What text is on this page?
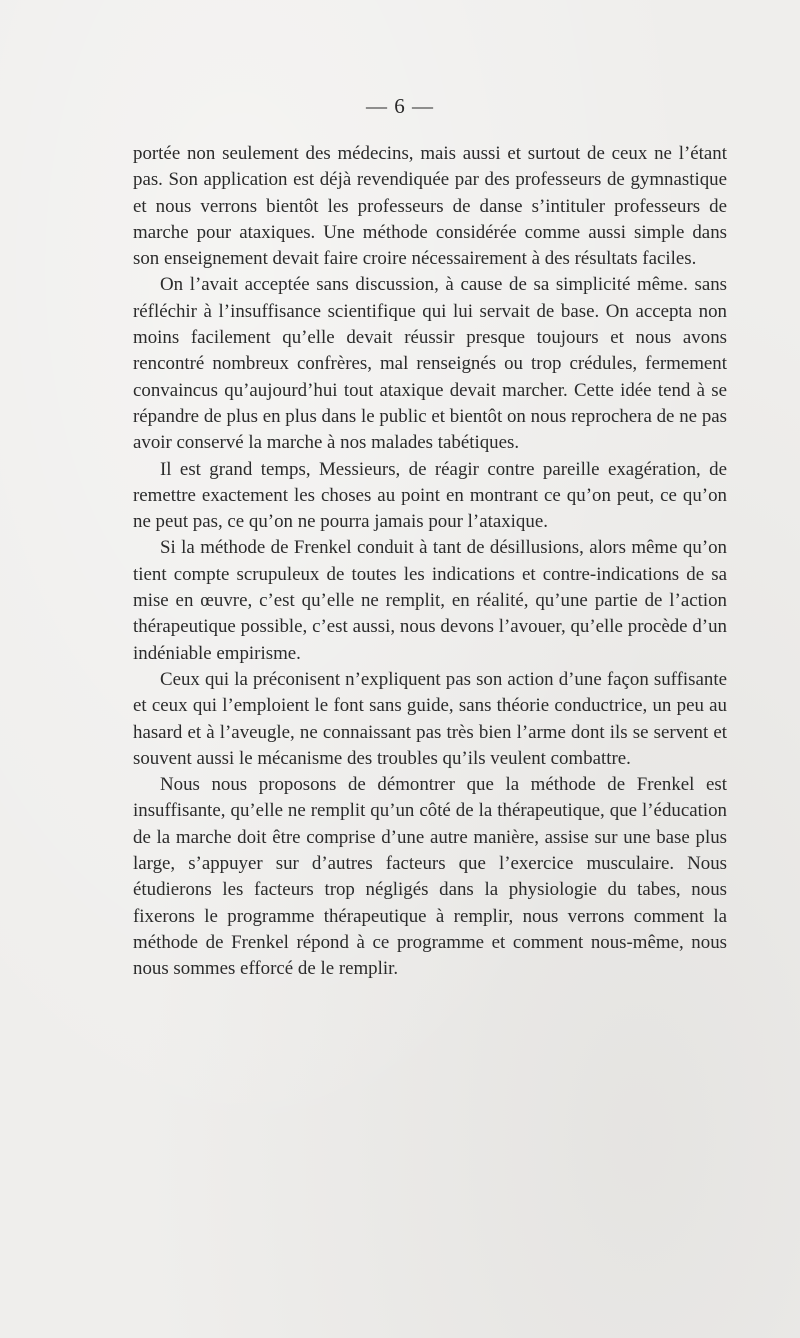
— 6 —

portée non seulement des médecins, mais aussi et surtout de ceux ne l’étant pas. Son application est déjà revendiquée par des professeurs de gymnastique et nous verrons bientôt les professeurs de danse s’intituler professeurs de marche pour ataxiques. Une méthode considérée comme aussi simple dans son enseignement devait faire croire nécessairement à des résultats faciles.

On l’avait acceptée sans discussion, à cause de sa simplicité même. sans réfléchir à l’insuffisance scientifique qui lui servait de base. On accepta non moins facilement qu’elle devait réussir presque toujours et nous avons rencontré nombreux confrères, mal renseignés ou trop crédules, fermement convaincus qu’aujourd’hui tout ataxique devait marcher. Cette idée tend à se répandre de plus en plus dans le public et bientôt on nous reprochera de ne pas avoir conservé la marche à nos malades tabétiques.

Il est grand temps, Messieurs, de réagir contre pareille exagération, de remettre exactement les choses au point en montrant ce qu’on peut, ce qu’on ne peut pas, ce qu’on ne pourra jamais pour l’ataxique.

Si la méthode de Frenkel conduit à tant de désillusions, alors même qu’on tient compte scrupuleux de toutes les indications et contre-indications de sa mise en œuvre, c’est qu’elle ne remplit, en réalité, qu’une partie de l’action thérapeutique possible, c’est aussi, nous devons l’avouer, qu’elle procède d’un indéniable empirisme.

Ceux qui la préconisent n’expliquent pas son action d’une façon suffisante et ceux qui l’emploient le font sans guide, sans théorie conductrice, un peu au hasard et à l’aveugle, ne connaissant pas très bien l’arme dont ils se servent et souvent aussi le mécanisme des troubles qu’ils veulent combattre.

Nous nous proposons de démontrer que la méthode de Frenkel est insuffisante, qu’elle ne remplit qu’un côté de la thérapeutique, que l’éducation de la marche doit être comprise d’une autre manière, assise sur une base plus large, s’appuyer sur d’autres facteurs que l’exercice musculaire. Nous étudierons les facteurs trop négligés dans la physiologie du tabes, nous fixerons le programme thérapeutique à remplir, nous verrons comment la méthode de Frenkel répond à ce programme et comment nous-même, nous nous sommes efforcé de le remplir.
